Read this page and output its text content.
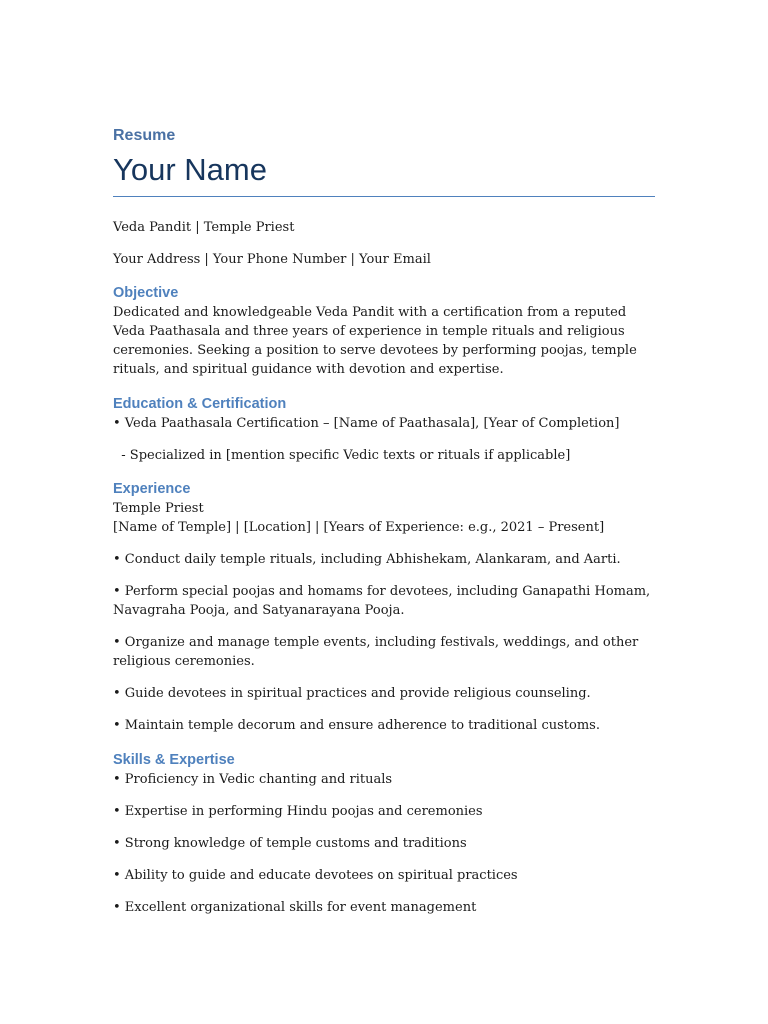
Resume
Your Name

Veda Pandit | Temple Priest

Your Address | Your Phone Number | Your Email

Objective

Dedicated and knowledgeable Veda Pandit with a certification from a reputed Veda Paathasala and three years of experience in temple rituals and religious ceremonies. Seeking a position to serve devotees by performing poojas, temple rituals, and spiritual guidance with devotion and expertise.

Education & Certification

• Veda Paathasala Certification – [Name of Paathasala], [Year of Completion]

- Specialized in [mention specific Vedic texts or rituals if applicable]

Experience

Temple Priest

[Name of Temple] | [Location] | [Years of Experience: e.g., 2021 – Present]

• Conduct daily temple rituals, including Abhishekam, Alankaram, and Aarti.

• Perform special poojas and homams for devotees, including Ganapathi Homam, Navagraha Pooja, and Satyanarayana Pooja.

• Organize and manage temple events, including festivals, weddings, and other religious ceremonies.

• Guide devotees in spiritual practices and provide religious counseling.

• Maintain temple decorum and ensure adherence to traditional customs.

Skills & Expertise

• Proficiency in Vedic chanting and rituals

• Expertise in performing Hindu poojas and ceremonies

• Strong knowledge of temple customs and traditions

• Ability to guide and educate devotees on spiritual practices

• Excellent organizational skills for event management
